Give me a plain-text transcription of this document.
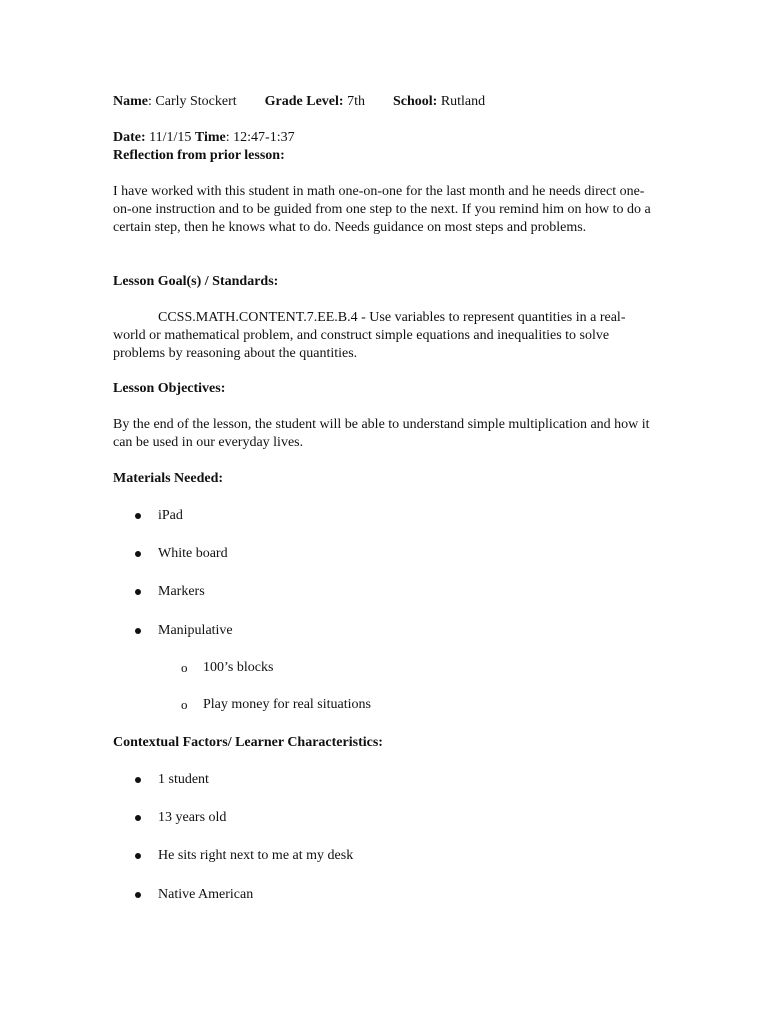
Name: Carly Stockert Grade Level: 7th School: Rutland
Date: 11/1/15 Time: 12:47-1:37
Reflection from prior lesson:

I have worked with this student in math one-on-one for the last month and he needs direct one-on-one instruction and to be guided from one step to the next. If you remind him on how to do a certain step, then he knows what to do. Needs guidance on most steps and problems.

Lesson Goal(s) / Standards:

CCSS.MATH.CONTENT.7.EE.B.4 - Use variables to represent quantities in a real-world or mathematical problem, and construct simple equations and inequalities to solve problems by reasoning about the quantities.

Lesson Objectives:

By the end of the lesson, the student will be able to understand simple multiplication and how it can be used in our everyday lives.

Materials Needed:
iPad
White board
Markers
Manipulative
o 100’s blocks
o Play money for real situations
Contextual Factors/ Learner Characteristics:
1 student
13 years old
He sits right next to me at my desk
Native American
